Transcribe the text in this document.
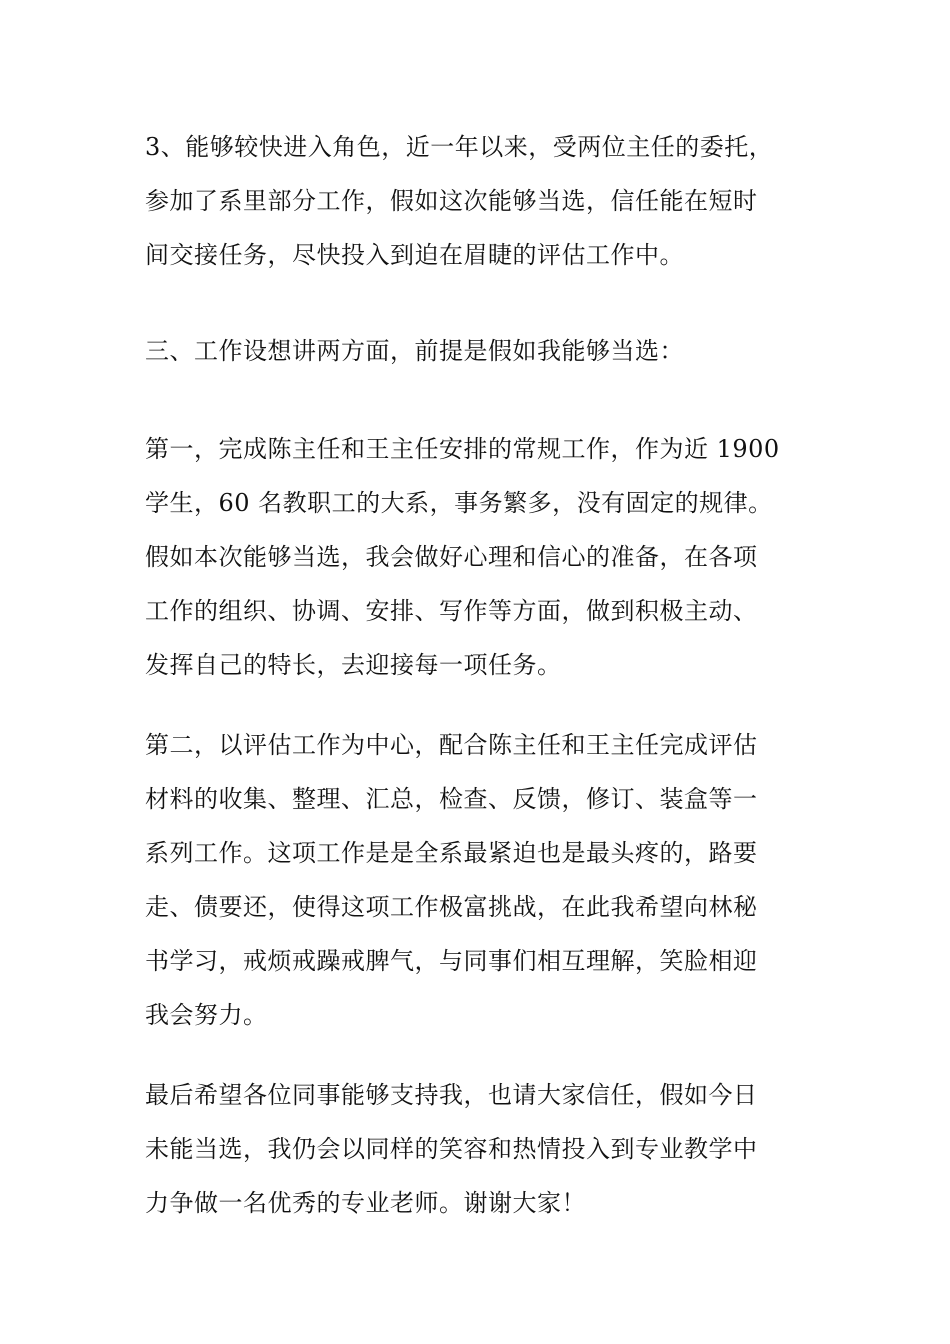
3、能够较快进入角色，近一年以来，受两位主任的委托，
参加了系里部分工作，假如这次能够当选，信任能在短时
间交接任务，尽快投入到迫在眉睫的评估工作中。

三、工作设想讲两方面，前提是假如我能够当选：

第一，完成陈主任和王主任安排的常规工作，作为近 1900
学生，60 名教职工的大系，事务繁多，没有固定的规律。
假如本次能够当选，我会做好心理和信心的准备，在各项
工作的组织、协调、安排、写作等方面，做到积极主动、
发挥自己的特长，去迎接每一项任务。

第二，以评估工作为中心，配合陈主任和王主任完成评估
材料的收集、整理、汇总，检查、反馈，修订、装盒等一
系列工作。这项工作是是全系最紧迫也是最头疼的，路要
走、债要还，使得这项工作极富挑战，在此我希望向林秘
书学习，戒烦戒躁戒脾气，与同事们相互理解，笑脸相迎
我会努力。

最后希望各位同事能够支持我，也请大家信任，假如今日
未能当选，我仍会以同样的笑容和热情投入到专业教学中
力争做一名优秀的专业老师。谢谢大家！
